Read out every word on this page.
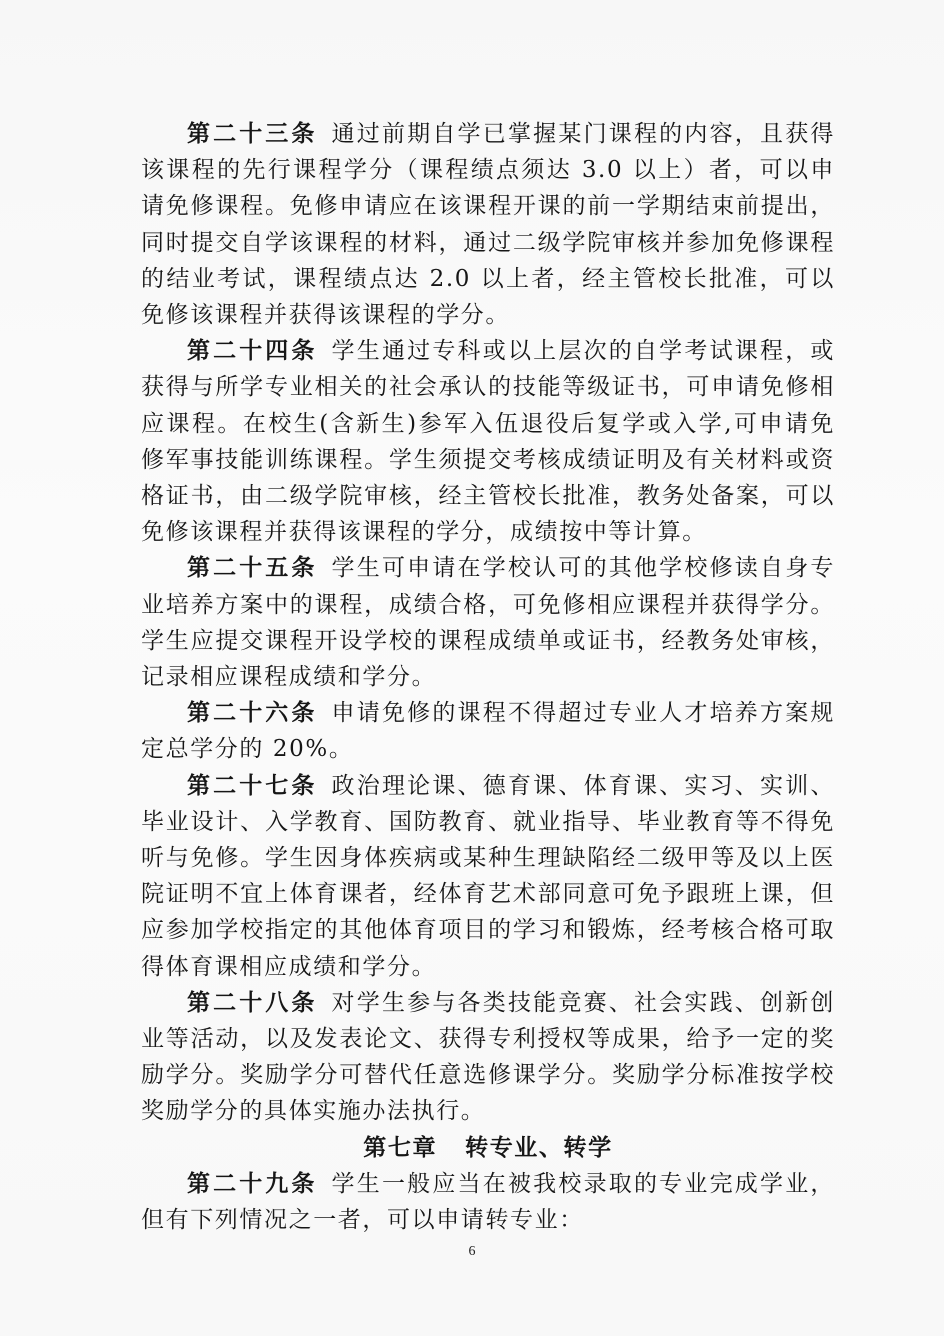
第二十三条 通过前期自学已掌握某门课程的内容，且获得该课程的先行课程学分（课程绩点须达 3.0 以上）者，可以申请免修课程。免修申请应在该课程开课的前一学期结束前提出，同时提交自学该课程的材料，通过二级学院审核并参加免修课程的结业考试，课程绩点达 2.0 以上者，经主管校长批准，可以免修该课程并获得该课程的学分。

第二十四条 学生通过专科或以上层次的自学考试课程，或获得与所学专业相关的社会承认的技能等级证书，可申请免修相应课程。在校生(含新生)参军入伍退役后复学或入学,可申请免修军事技能训练课程。学生须提交考核成绩证明及有关材料或资格证书，由二级学院审核，经主管校长批准，教务处备案，可以免修该课程并获得该课程的学分，成绩按中等计算。

第二十五条 学生可申请在学校认可的其他学校修读自身专业培养方案中的课程，成绩合格，可免修相应课程并获得学分。学生应提交课程开设学校的课程成绩单或证书，经教务处审核，记录相应课程成绩和学分。

第二十六条 申请免修的课程不得超过专业人才培养方案规定总学分的 20%。

第二十七条 政治理论课、德育课、体育课、实习、实训、毕业设计、入学教育、国防教育、就业指导、毕业教育等不得免听与免修。学生因身体疾病或某种生理缺陷经二级甲等及以上医院证明不宜上体育课者，经体育艺术部同意可免予跟班上课，但应参加学校指定的其他体育项目的学习和锻炼，经考核合格可取得体育课相应成绩和学分。

第二十八条 对学生参与各类技能竞赛、社会实践、创新创业等活动，以及发表论文、获得专利授权等成果，给予一定的奖励学分。奖励学分可替代任意选修课学分。奖励学分标准按学校奖励学分的具体实施办法执行。

第七章 转专业、转学

第二十九条 学生一般应当在被我校录取的专业完成学业，但有下列情况之一者，可以申请转专业：

6
